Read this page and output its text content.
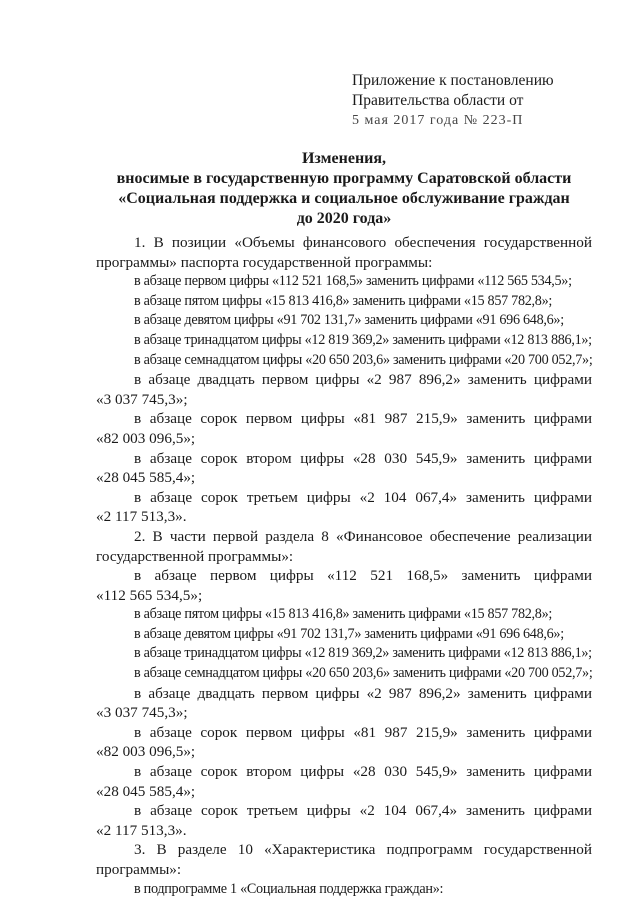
Приложение к постановлению
Правительства области от
5 мая 2017 года № 223-П
Изменения,
вносимые в государственную программу Саратовской области
«Социальная поддержка и социальное обслуживание граждан
до 2020 года»

1. В позиции «Объемы финансового обеспечения государственной программы» паспорта государственной программы:

в абзаце первом цифры «112 521 168,5» заменить цифрами «112 565 534,5»;
в абзаце пятом цифры «15 813 416,8» заменить цифрами «15 857 782,8»;
в абзаце девятом цифры «91 702 131,7» заменить цифрами «91 696 648,6»;
в абзаце тринадцатом цифры «12 819 369,2» заменить цифрами «12 813 886,1»;
в абзаце семнадцатом цифры «20 650 203,6» заменить цифрами «20 700 052,7»;
в абзаце двадцать первом цифры «2 987 896,2» заменить цифрами
«3 037 745,3»;
в абзаце сорок первом цифры «81 987 215,9» заменить цифрами
«82 003 096,5»;
в абзаце сорок втором цифры «28 030 545,9» заменить цифрами
«28 045 585,4»;
в абзаце сорок третьем цифры «2 104 067,4» заменить цифрами
«2 117 513,3».

2. В части первой раздела 8 «Финансовое обеспечение реализации государственной программы»:

в абзаце первом цифры «112 521 168,5» заменить цифрами
«112 565 534,5»;
в абзаце пятом цифры «15 813 416,8» заменить цифрами «15 857 782,8»;
в абзаце девятом цифры «91 702 131,7» заменить цифрами «91 696 648,6»;
в абзаце тринадцатом цифры «12 819 369,2» заменить цифрами «12 813 886,1»;
в абзаце семнадцатом цифры «20 650 203,6» заменить цифрами «20 700 052,7»;
в абзаце двадцать первом цифры «2 987 896,2» заменить цифрами
«3 037 745,3»;
в абзаце сорок первом цифры «81 987 215,9» заменить цифрами
«82 003 096,5»;
в абзаце сорок втором цифры «28 030 545,9» заменить цифрами
«28 045 585,4»;
в абзаце сорок третьем цифры «2 104 067,4» заменить цифрами
«2 117 513,3».

3. В разделе 10 «Характеристика подпрограмм государственной программы»:

в подпрограмме 1 «Социальная поддержка граждан»:
